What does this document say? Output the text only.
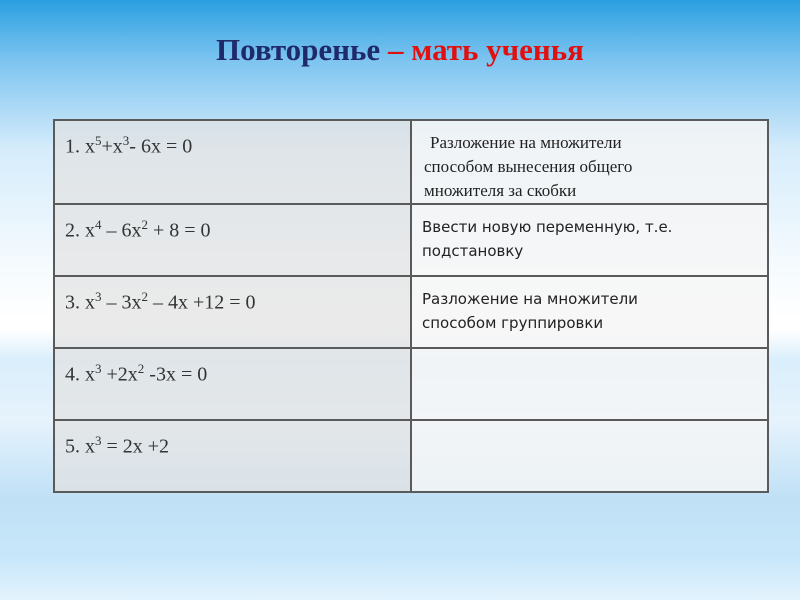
Повторенье – мать ученья
1. $x^5+x^3-$ 6x = 0	Разложение на множители
способом вынесения общего
множителя за скобки

2. $x^4 - 6x^2 + 8 = 0$	Ввести новую переменную, т.е.
подстановку

3. $x^3 - 3x^2 - 4x +12 = 0$	Разложение на множители
способом группировки

4. $x^3 +2x^2$ -3x = 0	

5. $x^3 = 2x +2$	
